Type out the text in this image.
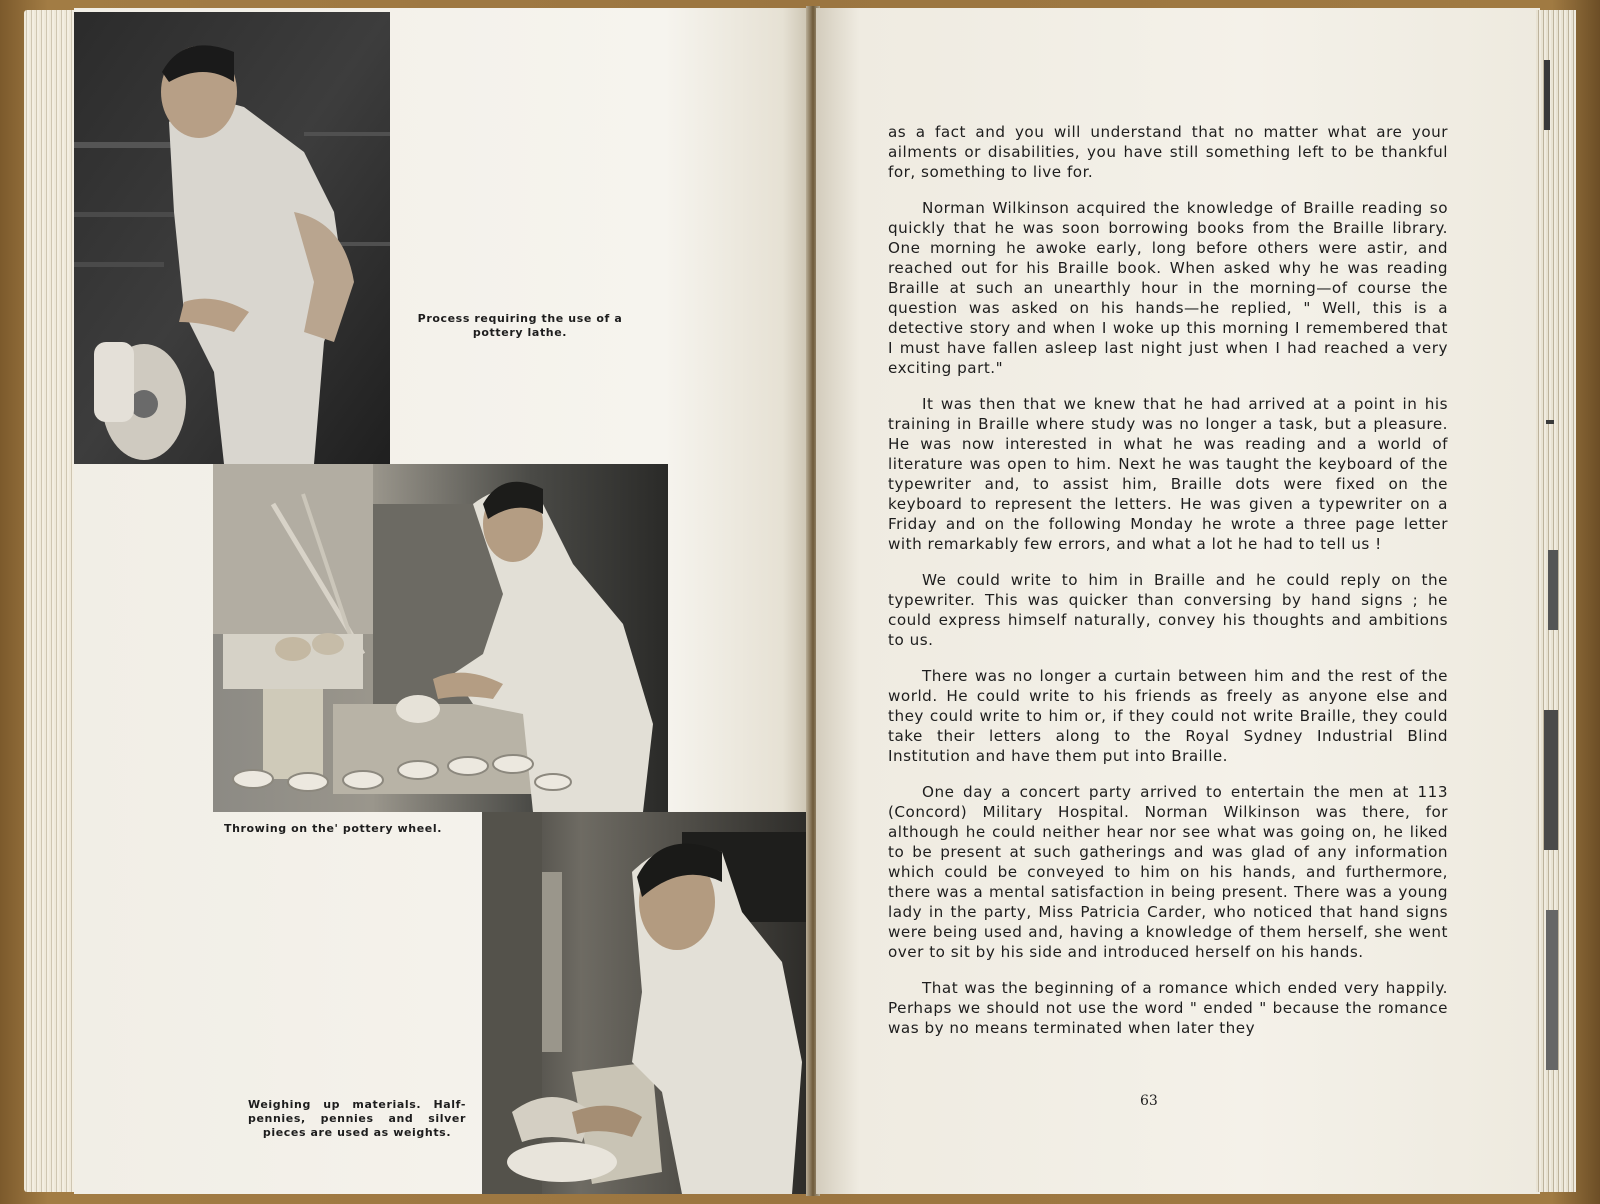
Process requiring the use of a pottery lathe.
Throwing on the' pottery wheel.
Weighing up materials. Half-pennies, pennies and silver pieces are used as weights.

as a fact and you will understand that no matter what are your ailments or disabilities, you have still something left to be thankful for, something to live for.

Norman Wilkinson acquired the knowledge of Braille reading so quickly that he was soon borrowing books from the Braille library. One morning he awoke early, long before others were astir, and reached out for his Braille book. When asked why he was reading Braille at such an unearthly hour in the morning—of course the question was asked on his hands—he replied, " Well, this is a detective story and when I woke up this morning I remembered that I must have fallen asleep last night just when I had reached a very exciting part."

It was then that we knew that he had arrived at a point in his training in Braille where study was no longer a task, but a pleasure. He was now interested in what he was reading and a world of literature was open to him. Next he was taught the keyboard of the typewriter and, to assist him, Braille dots were fixed on the keyboard to represent the letters. He was given a typewriter on a Friday and on the following Monday he wrote a three page letter with remarkably few errors, and what a lot he had to tell us !

We could write to him in Braille and he could reply on the typewriter. This was quicker than conversing by hand signs ; he could express himself naturally, convey his thoughts and ambitions to us.

There was no longer a curtain between him and the rest of the world. He could write to his friends as freely as anyone else and they could write to him or, if they could not write Braille, they could take their letters along to the Royal Sydney Industrial Blind Institution and have them put into Braille.

One day a concert party arrived to entertain the men at 113 (Concord) Military Hospital. Norman Wilkinson was there, for although he could neither hear nor see what was going on, he liked to be present at such gatherings and was glad of any information which could be conveyed to him on his hands, and furthermore, there was a mental satisfaction in being present. There was a young lady in the party, Miss Patricia Carder, who noticed that hand signs were being used and, having a knowledge of them herself, she went over to sit by his side and introduced herself on his hands.

That was the beginning of a romance which ended very happily. Perhaps we should not use the word " ended " because the romance was by no means terminated when later they

63
